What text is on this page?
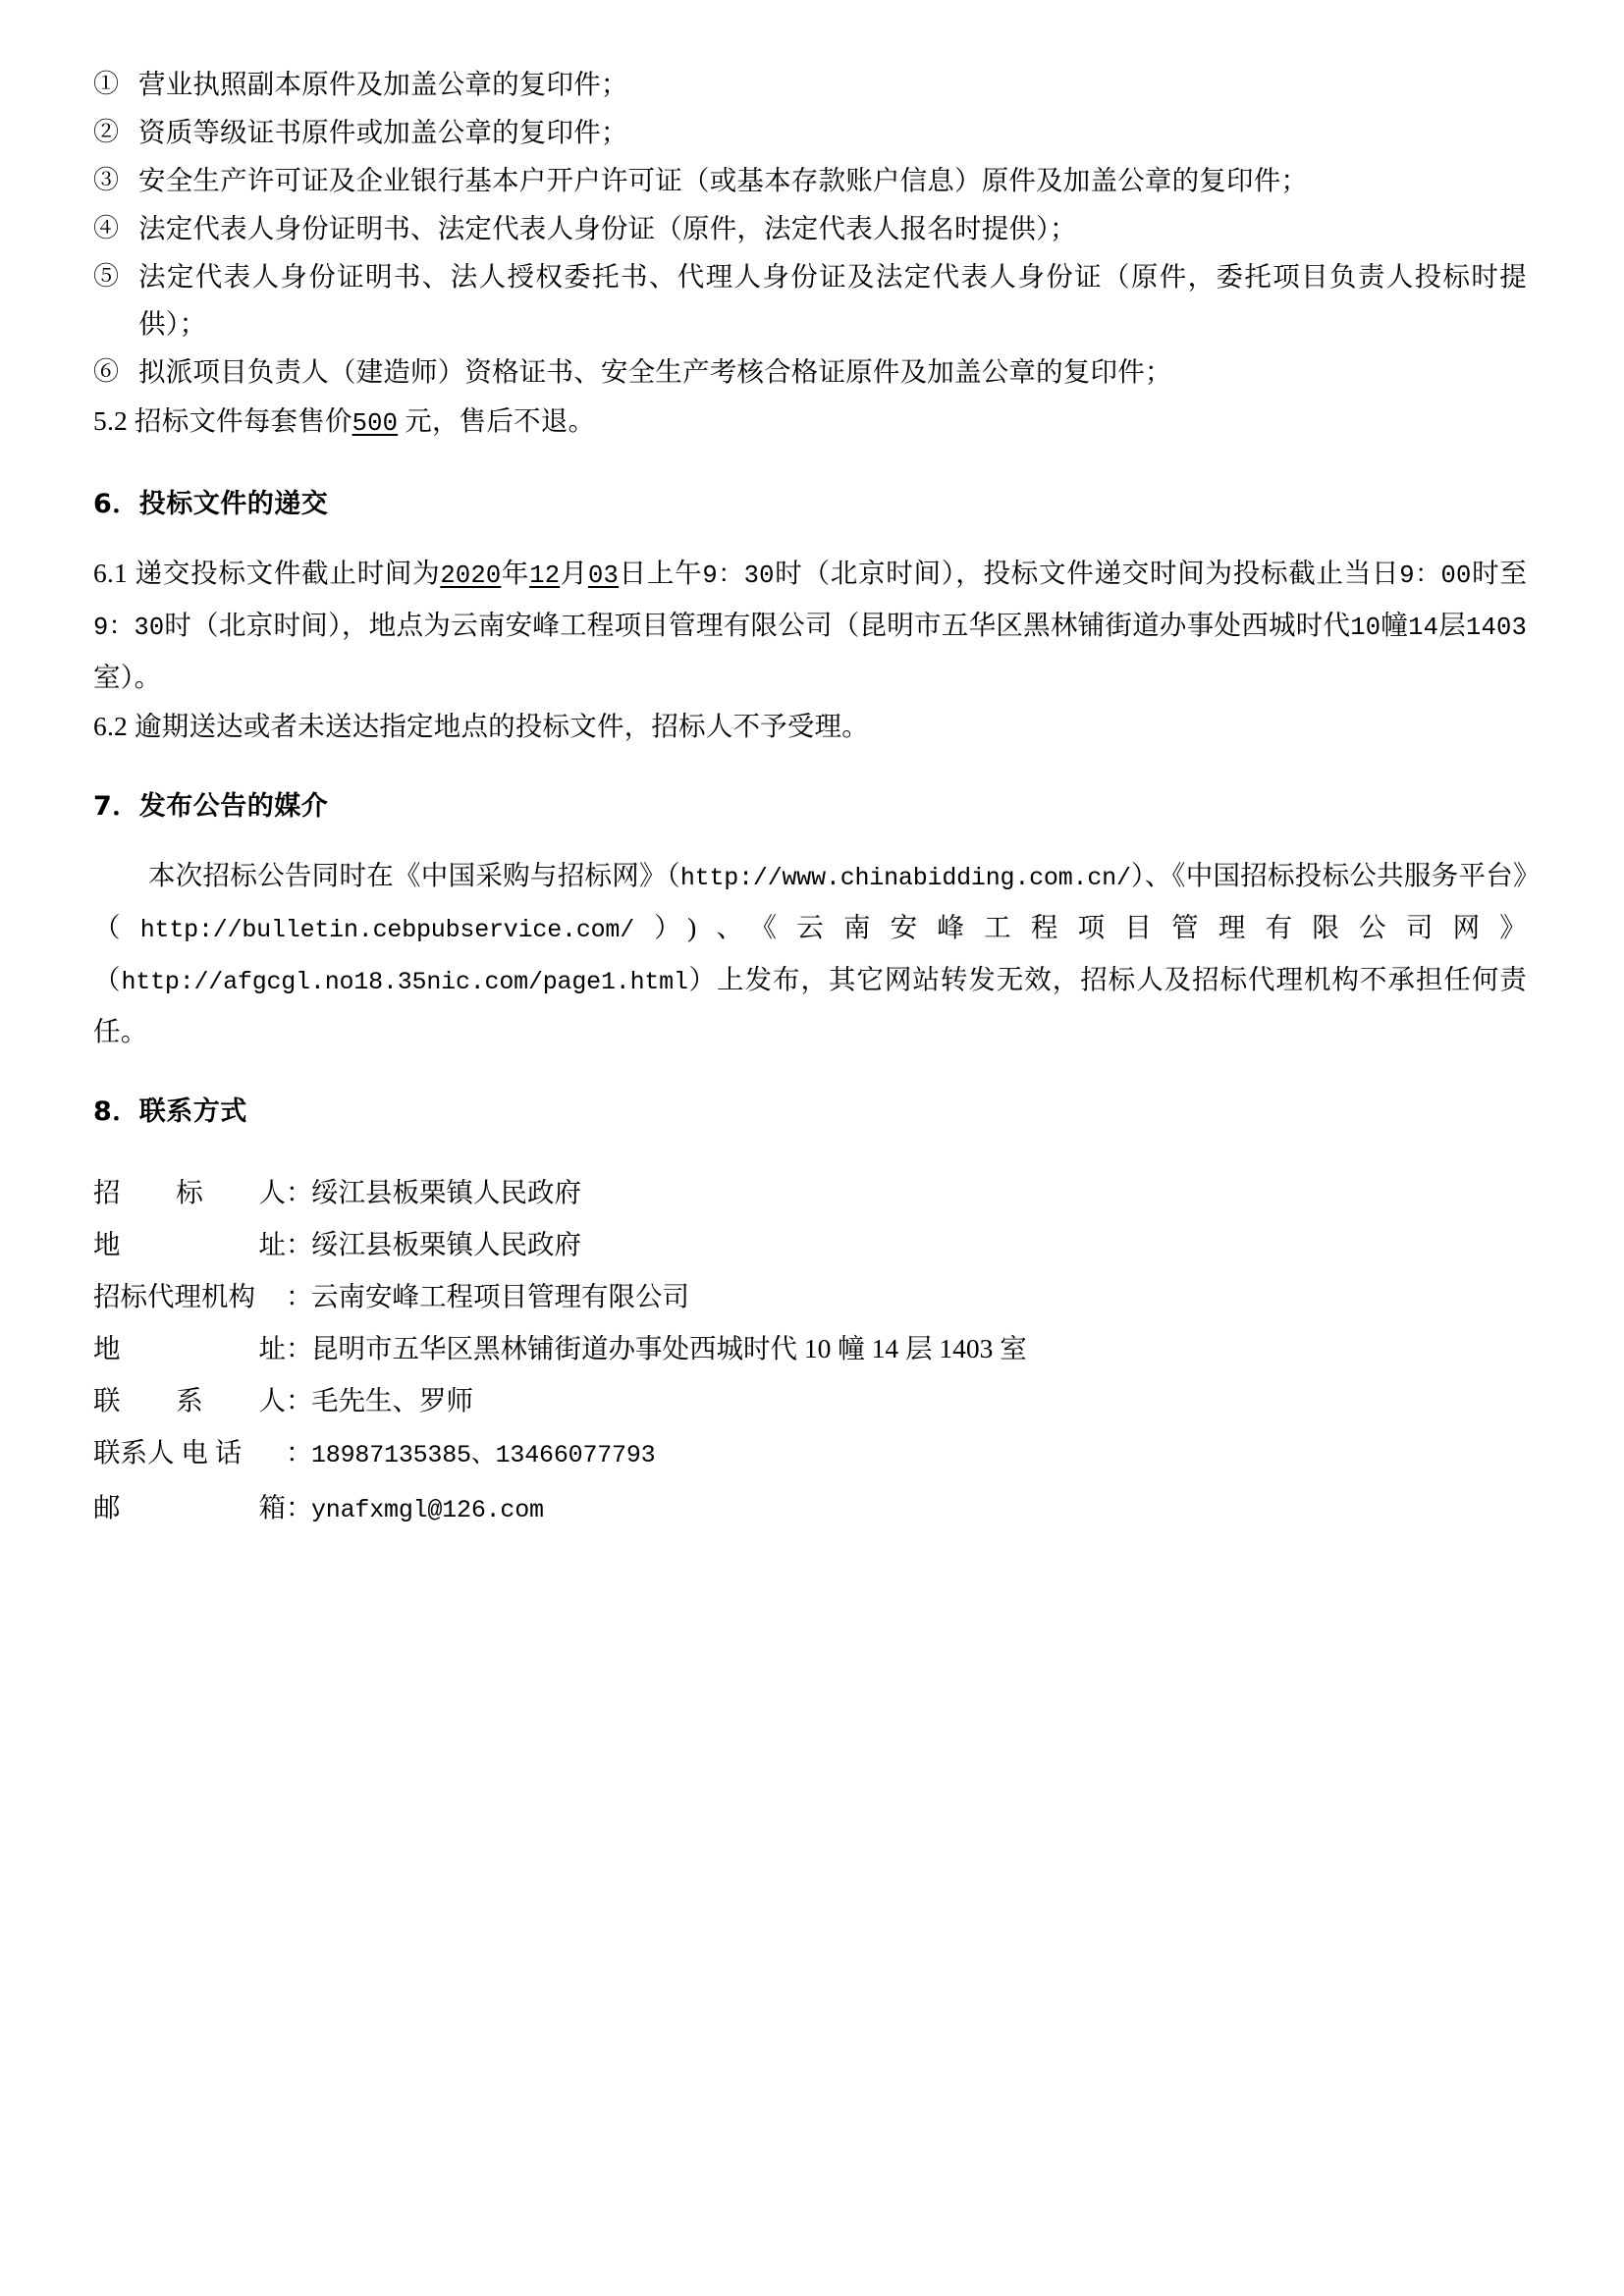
① 营业执照副本原件及加盖公章的复印件；
② 资质等级证书原件或加盖公章的复印件；
③ 安全生产许可证及企业银行基本户开户许可证（或基本存款账户信息）原件及加盖公章的复印件；
④ 法定代表人身份证明书、法定代表人身份证（原件，法定代表人报名时提供）；
⑤ 法定代表人身份证明书、法人授权委托书、代理人身份证及法定代表人身份证（原件，委托项目负责人投标时提供）；
⑥ 拟派项目负责人（建造师）资格证书、安全生产考核合格证原件及加盖公章的复印件；

5.2 招标文件每套售价500 元，售后不退。

6．投标文件的递交

6.1 递交投标文件截止时间为2020年12月03日上午9：30时（北京时间），投标文件递交时间为投标截止当日9：00时至9：30时（北京时间），地点为云南安峰工程项目管理有限公司（昆明市五华区黑林铺街道办事处西城时代10幢14层1403室）。

6.2 逾期送达或者未送达指定地点的投标文件，招标人不予受理。

7．发布公告的媒介

本次招标公告同时在《中国采购与招标网》（http://www.chinabidding.com.cn/）、《中国招标投标公共服务平台》（http://bulletin.cebpubservice.com/）)、《云南安峰工程项目管理有限公司网》（http://afgcgl.no18.35nic.com/page1.html）上发布，其它网站转发无效，招标人及招标代理机构不承担任何责任。

8．联系方式
招 标 人 ：
绥江县板栗镇人民政府
地	址 ：
绥江县板栗镇人民政府
招标代理机构 ：
云南安峰工程项目管理有限公司
地	址 ：
昆明市五华区黑林铺街道办事处西城时代 10 幢 14 层 1403 室
联 系 人 ：
毛先生、罗师
联系人 电 话 ：
18987135385、13466077793
邮	箱 ：
ynafxmgl@126.com
